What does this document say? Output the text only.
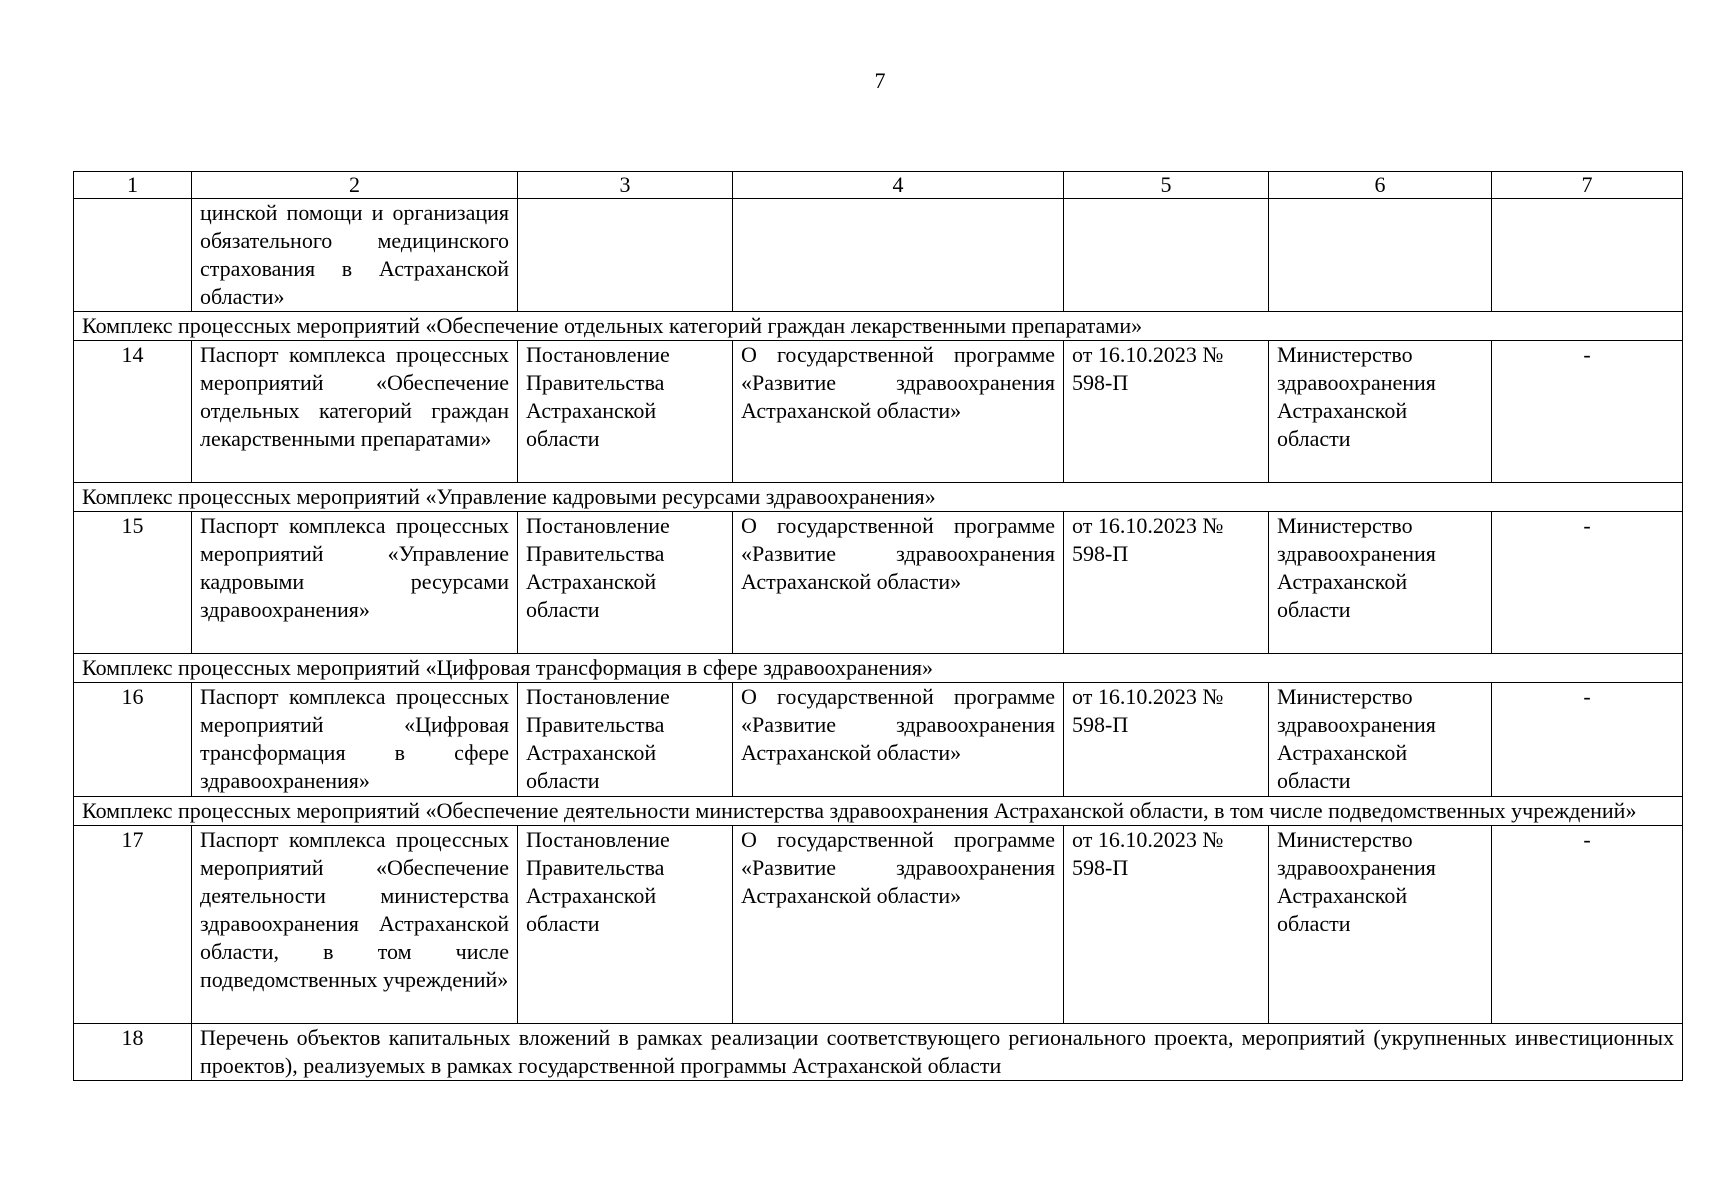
7
1	2	3	4	5	6	7
	цинской помощи и организация обязательного медицинского страхования в Астраханской области»					
Комплекс процессных мероприятий «Обеспечение отдельных категорий граждан лекарственными препаратами»						
14	Паспорт комплекса процессных мероприятий «Обеспечение отдельных категорий граждан лекарственными препаратами»	Постановление Правительства Астраханской области	О государственной программе «Развитие здравоохранения Астраханской области»	от 16.10.2023 № 598-П	Министерство здравоохранения Астраханской области	-
Комплекс процессных мероприятий «Управление кадровыми ресурсами здравоохранения»						
15	Паспорт комплекса процессных мероприятий «Управление кадровыми ресурсами здравоохранения»	Постановление Правительства Астраханской области	О государственной программе «Развитие здравоохранения Астраханской области»	от 16.10.2023 № 598-П	Министерство здравоохранения Астраханской области	-
Комплекс процессных мероприятий «Цифровая трансформация в сфере здравоохранения»						
16	Паспорт комплекса процессных мероприятий «Цифровая трансформация в сфере здравоохранения»	Постановление Правительства Астраханской области	О государственной программе «Развитие здравоохранения Астраханской области»	от 16.10.2023 № 598-П	Министерство здравоохранения Астраханской области	-
Комплекс процессных мероприятий «Обеспечение деятельности министерства здравоохранения Астраханской области, в том числе подведомственных учреждений»						
17	Паспорт комплекса процессных мероприятий «Обеспечение деятельности министерства здравоохранения Астраханской области, в том числе подведомственных учреждений»	Постановление Правительства Астраханской области	О государственной программе «Развитие здравоохранения Астраханской области»	от 16.10.2023 № 598-П	Министерство здравоохранения Астраханской области	-
18	Перечень объектов капитальных вложений в рамках реализации соответствующего регионального проекта, мероприятий (укрупненных инвестиционных проектов), реализуемых в рамках государственной программы Астраханской области					
